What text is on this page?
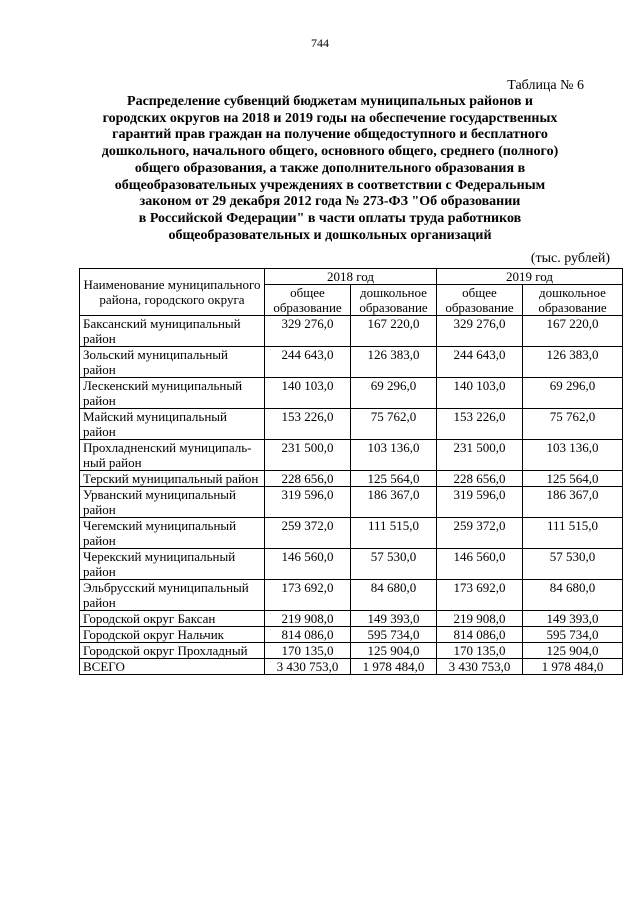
744
Таблица № 6
Распределение субвенций бюджетам муниципальных районов и
городских округов на 2018 и 2019 годы на обеспечение государственных
гарантий прав граждан на получение общедоступного и бесплатного
дошкольного, начального общего, основного общего, среднего (полного)
общего образования, а также дополнительного образования в
общеобразовательных учреждениях в соответствии с Федеральным
законом от 29 декабря 2012 года № 273-ФЗ "Об образовании
в Российской Федерации" в части оплаты труда работников
общеобразовательных и дошкольных организаций
(тыс. рублей)
Наименование муниципального района, городского округа	2018 год		2019 год	
	общее образование	дошкольное образование	общее образование	дошкольное образование
Баксанский муниципальный район	329 276,0	167 220,0	329 276,0	167 220,0
Зольский муниципальный район	244 643,0	126 383,0	244 643,0	126 383,0
Лескенский муниципальный район	140 103,0	69 296,0	140 103,0	69 296,0
Майский муниципальный район	153 226,0	75 762,0	153 226,0	75 762,0
Прохладненский муниципаль-ный район	231 500,0	103 136,0	231 500,0	103 136,0
Терский муниципальный район	228 656,0	125 564,0	228 656,0	125 564,0
Урванский муниципальный район	319 596,0	186 367,0	319 596,0	186 367,0
Чегемский муниципальный район	259 372,0	111 515,0	259 372,0	111 515,0
Черекский муниципальный район	146 560,0	57 530,0	146 560,0	57 530,0
Эльбрусский муниципальный район	173 692,0	84 680,0	173 692,0	84 680,0
Городской округ Баксан	219 908,0	149 393,0	219 908,0	149 393,0
Городской округ Нальчик	814 086,0	595 734,0	814 086,0	595 734,0
Городской округ Прохладный	170 135,0	125 904,0	170 135,0	125 904,0
ВСЕГО	3 430 753,0	1 978 484,0	3 430 753,0	1 978 484,0
